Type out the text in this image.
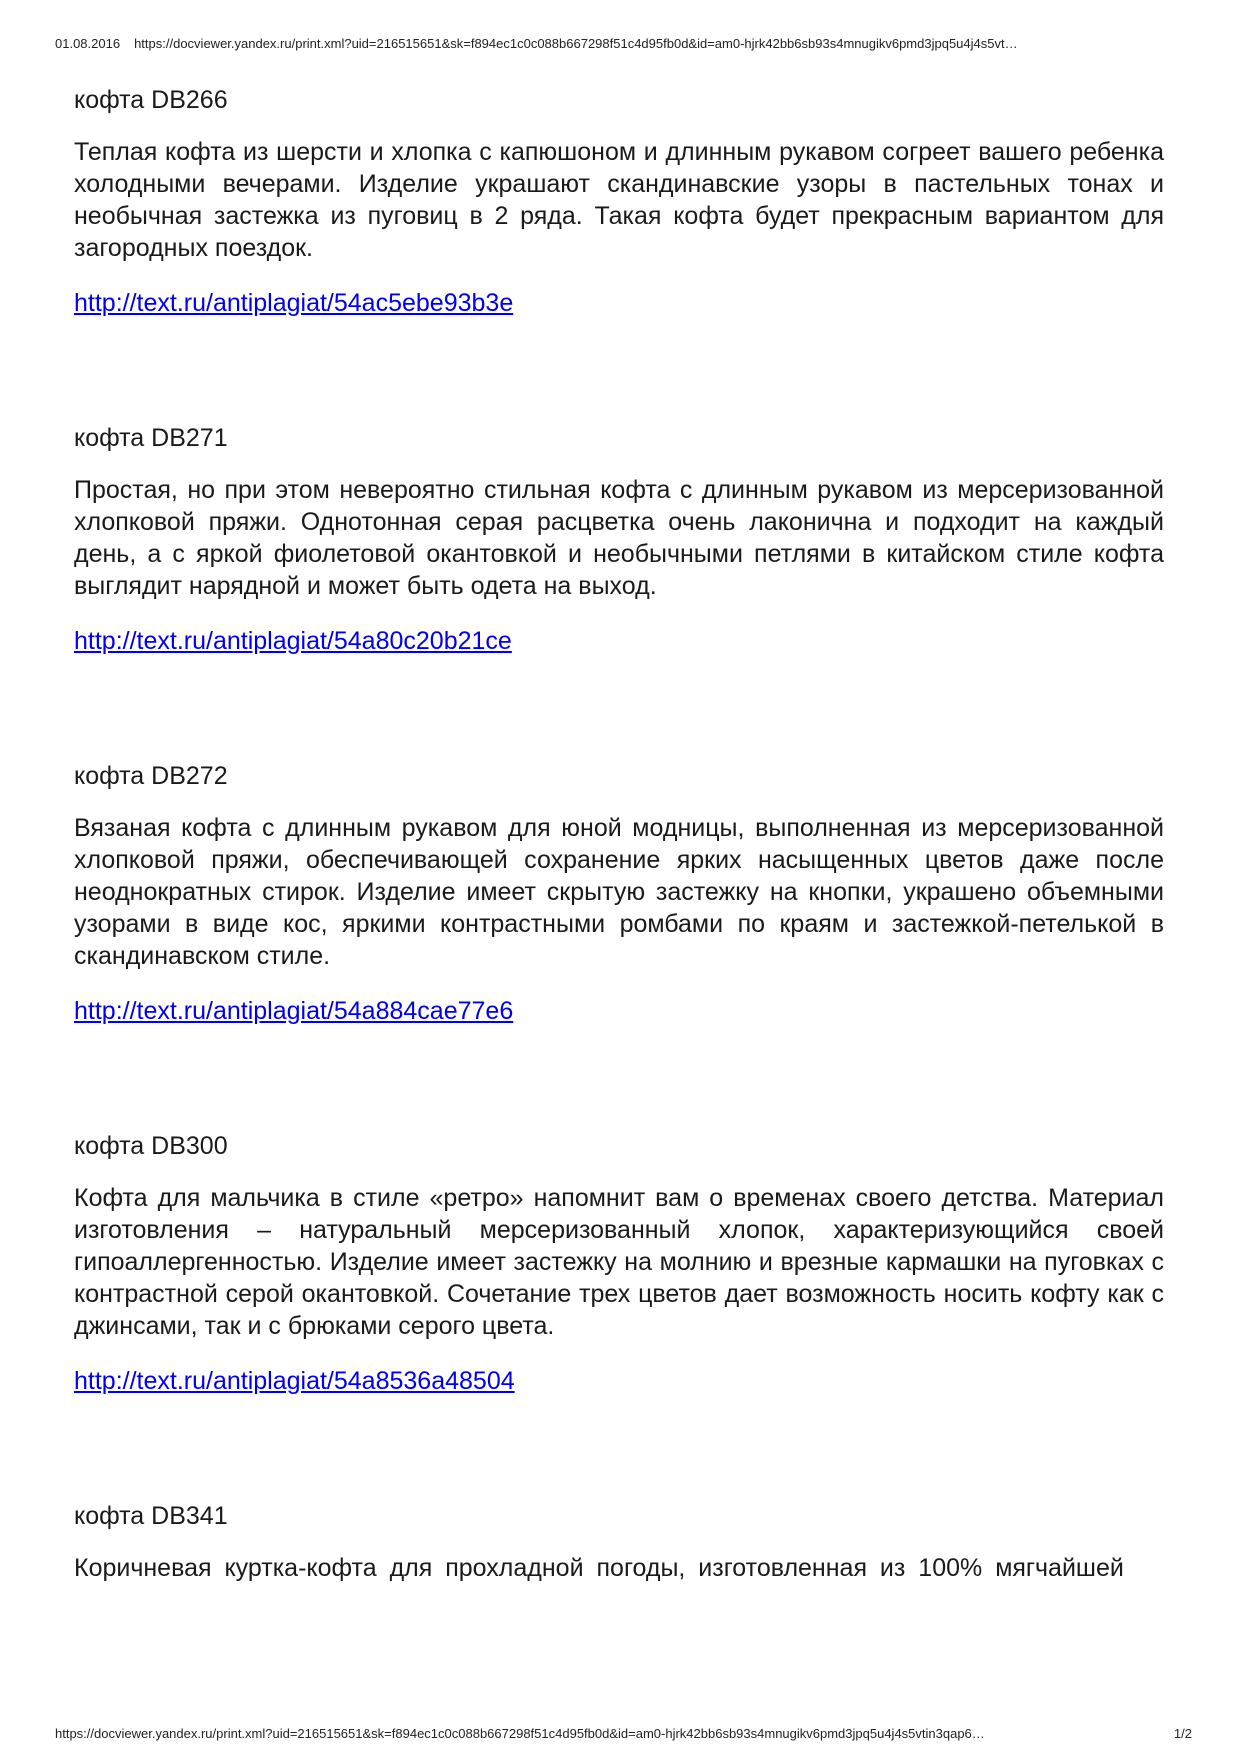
01.08.2016 https://docviewer.yandex.ru/print.xml?uid=216515651&sk=f894ec1c0c088b667298f51c4d95fb0d&id=am0-hjrk42bb6sb93s4mnugikv6pmd3jpq5u4j4s5vt…
кофта DB266

Теплая кофта из шерсти и хлопка с капюшоном и длинным рукавом согреет вашего ребенка холодными вечерами. Изделие украшают скандинавские узоры в пастельных тонах и необычная застежка из пуговиц в 2 ряда. Такая кофта будет прекрасным вариантом для загородных поездок.

http://text.ru/antiplagiat/54ac5ebe93b3e
кофта DB271

Простая, но при этом невероятно стильная кофта с длинным рукавом из мерсеризованной хлопковой пряжи. Однотонная серая расцветка очень лаконична и подходит на каждый день, а с яркой фиолетовой окантовкой и необычными петлями в китайском стиле кофта выглядит нарядной и может быть одета на выход.

http://text.ru/antiplagiat/54a80c20b21ce
кофта DB272

Вязаная кофта с длинным рукавом для юной модницы, выполненная из мерсеризованной хлопковой пряжи, обеспечивающей сохранение ярких насыщенных цветов даже после неоднократных стирок. Изделие имеет скрытую застежку на кнопки, украшено объемными узорами в виде кос, яркими контрастными ромбами по краям и застежкой-петелькой в скандинавском стиле.

http://text.ru/antiplagiat/54a884cae77e6
кофта DB300

Кофта для мальчика в стиле «ретро» напомнит вам о временах своего детства. Материал изготовления – натуральный мерсеризованный хлопок, характеризующийся своей гипоаллергенностью. Изделие имеет застежку на молнию и врезные кармашки на пуговках с контрастной серой окантовкой. Сочетание трех цветов дает возможность носить кофту как с джинсами, так и с брюками серого цвета.

http://text.ru/antiplagiat/54a8536a48504
кофта DB341

Коричневая куртка-кофта для прохладной погоды, изготовленная из 100% мягчайшей

https://docviewer.yandex.ru/print.xml?uid=216515651&sk=f894ec1c0c088b667298f51c4d95fb0d&id=am0-hjrk42bb6sb93s4mnugikv6pmd3jpq5u4j4s5vtin3qap6…	1/2
